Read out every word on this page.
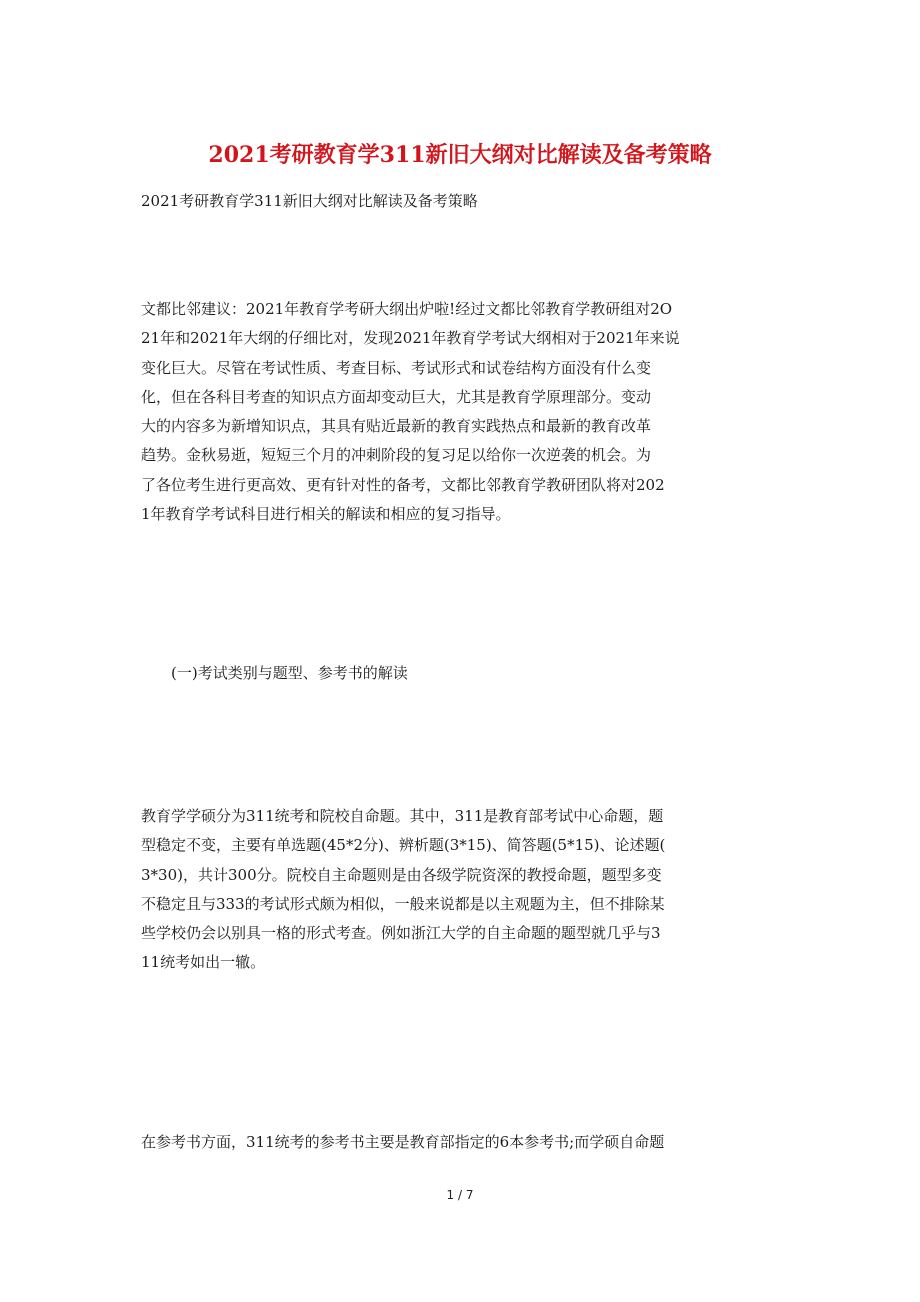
2021考研教育学311新旧大纲对比解读及备考策略
2021考研教育学311新旧大纲对比解读及备考策略
文都比邻建议：2021年教育学考研大纲出炉啦!经过文都比邻教育学教研组对2O
21年和2021年大纲的仔细比对，发现2021年教育学考试大纲相对于2021年来说
变化巨大。尽管在考试性质、考查目标、考试形式和试卷结构方面没有什么变
化，但在各科目考查的知识点方面却变动巨大，尤其是教育学原理部分。变动
大的内容多为新增知识点，其具有贴近最新的教育实践热点和最新的教育改革
趋势。金秋易逝，短短三个月的冲刺阶段的复习足以给你一次逆袭的机会。为
了各位考生进行更高效、更有针对性的备考，文都比邻教育学教研团队将对202
1年教育学考试科目进行相关的解读和相应的复习指导。
(一)考试类别与题型、参考书的解读
教育学学硕分为311统考和院校自命题。其中，311是教育部考试中心命题，题
型稳定不变，主要有单选题(45*2分)、辨析题(3*15)、简答题(5*15)、论述题(
3*30)，共计300分。院校自主命题则是由各级学院资深的教授命题，题型多变
不稳定且与333的考试形式颇为相似，一般来说都是以主观题为主，但不排除某
些学校仍会以别具一格的形式考查。例如浙江大学的自主命题的题型就几乎与3
11统考如出一辙。
在参考书方面，311统考的参考书主要是教育部指定的6本参考书;而学硕自命题
1 / 7
